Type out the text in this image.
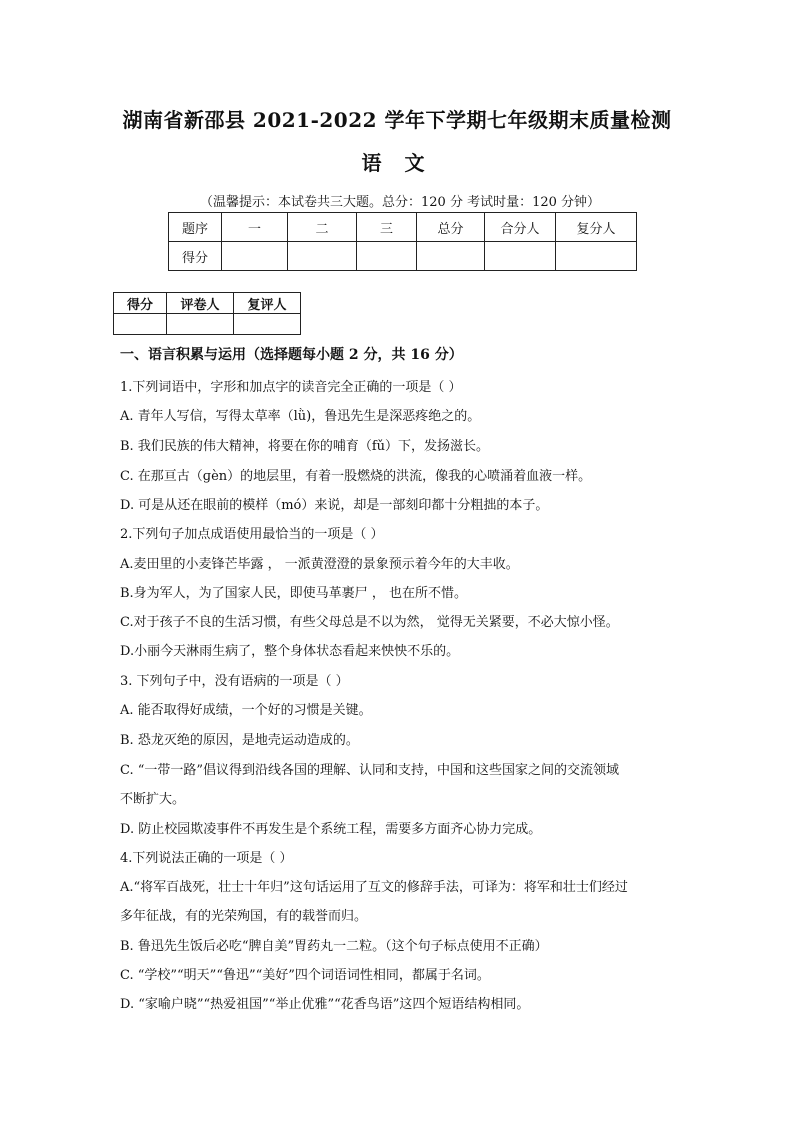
湖南省新邵县 2021-2022 学年下学期七年级期末质量检测
语 文
（温馨提示：本试卷共三大题。总分：120 分 考试时量：120 分钟）
题序	一	二	三	总分	合分人	复分人
得分						
得分	评卷人	复评人

一、语言积累与运用（选择题每小题 2 分，共 16 分）
1.下列词语中，字形和加点字的读音完全正确的一项是（ ）
A. 青年人写信，写得太草率（lǜ)，鲁迅先生是深恶疼绝之的。
B. 我们民族的伟大精神，将要在你的哺育（fǔ）下，发扬滋长。
C. 在那亘古（ɡèn）的地层里，有着一股燃烧的洪流，像我的心喷涌着血液一样。
D. 可是从还在眼前的模样（mó）来说，却是一部刻印都十分粗拙的本子。
2.下列句子加点成语使用最恰当的一项是（ ）
A.麦田里的小麦锋芒毕露 ， 一派黄澄澄的景象预示着今年的大丰收。
B.身为军人，为了国家人民，即使马革裹尸 ， 也在所不惜。
C.对于孩子不良的生活习惯，有些父母总是不以为然， 觉得无关紧要，不必大惊小怪。
D.小丽今天淋雨生病了，整个身体状态看起来怏怏不乐的。
3. 下列句子中，没有语病的一项是（ ）
A. 能否取得好成绩，一个好的习惯是关键。
B. 恐龙灭绝的原因，是地壳运动造成的。
C. “一带一路”倡议得到沿线各国的理解、认同和支持，中国和这些国家之间的交流领域
不断扩大。
D. 防止校园欺凌事件不再发生是个系统工程，需要多方面齐心协力完成。
4.下列说法正确的一项是（ ）
A.“将军百战死，壮士十年归”这句话运用了互文的修辞手法，可译为：将军和壮士们经过
多年征战，有的光荣殉国，有的载誉而归。
B. 鲁迅先生饭后必吃“脾自美”胃药丸一二粒。（这个句子标点使用不正确）
C. “学校”“明天”“鲁迅”“美好”四个词语词性相同，都属于名词。
D. “家喻户晓”“热爱祖国”“举止优雅”“花香鸟语”这四个短语结构相同。
